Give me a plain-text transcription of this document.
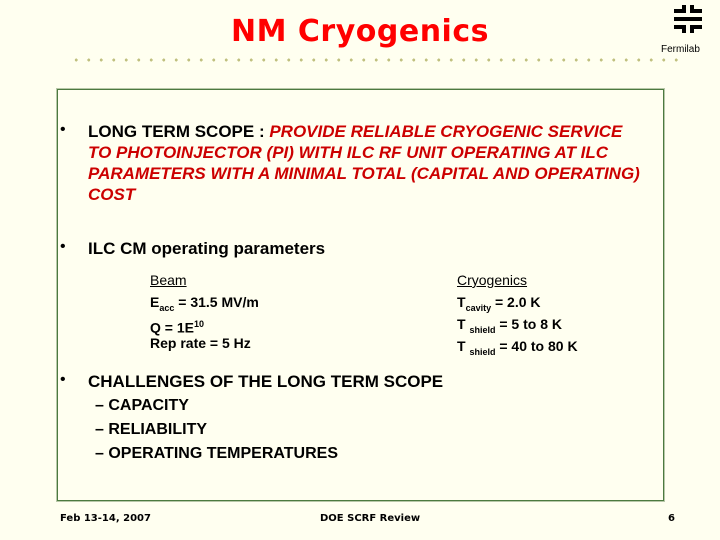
NM Cryogenics
Fermilab
• LONG TERM SCOPE : PROVIDE RELIABLE CRYOGENIC SERVICE TO PHOTOINJECTOR (PI) WITH ILC RF UNIT OPERATING AT ILC PARAMETERS WITH A MINIMAL TOTAL (CAPITAL AND OPERATING) COST
• ILC CM operating parameters
Beam
$E_{acc} = 31.5$ MV/m
$Q = 1E^{10}$
Rep rate = 5 Hz
Cryogenics
$T_{cavity} = 2.0$ K
T $_{shield}$ = 5 to 8 K
T $_{shield}$ = 40 to 80 K
• CHALLENGES OF THE LONG TERM SCOPE
– CAPACITY
– RELIABILITY
– OPERATING TEMPERATURES
Feb 13-14, 2007	DOE SCRF Review	6
